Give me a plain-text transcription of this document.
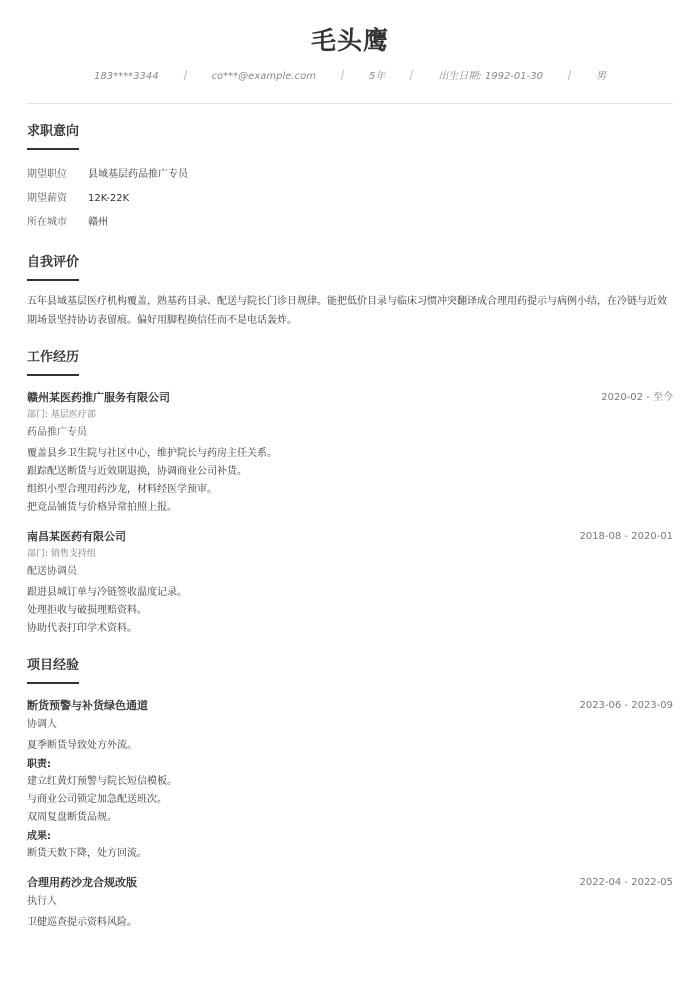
毛头鹰
183****3344	co***@example.com	5年	出生日期: 1992-01-30	男
求职意向
期望职位 县域基层药品推广专员
期望薪资 12K-22K
所在城市 赣州
自我评价
五年县域基层医疗机构覆盖，熟基药目录、配送与院长门诊日规律。能把低价目录与临床习惯冲突翻译成合理用药提示与病例小结，在冷链与近效期场景坚持协访表留痕。偏好用脚程换信任而不是电话轰炸。
工作经历
赣州某医药推广服务有限公司	2020-02 - 至今
部门: 基层医疗部
药品推广专员
覆盖县乡卫生院与社区中心，维护院长与药房主任关系。
跟踪配送断货与近效期退换，协调商业公司补货。
组织小型合理用药沙龙，材料经医学预审。
把竞品铺货与价格异常拍照上报。
南昌某医药有限公司	2018-08 - 2020-01
部门: 销售支持组
配送协调员
跟进县城订单与冷链签收温度记录。
处理拒收与破损理赔资料。
协助代表打印学术资料。
项目经验
断货预警与补货绿色通道	2023-06 - 2023-09
协调人
夏季断货导致处方外流。
职责:
建立红黄灯预警与院长短信模板。
与商业公司锁定加急配送班次。
双周复盘断货品规。
成果:
断货天数下降，处方回流。
合理用药沙龙合规改版	2022-04 - 2022-05
执行人
卫健巡查提示资料风险。
